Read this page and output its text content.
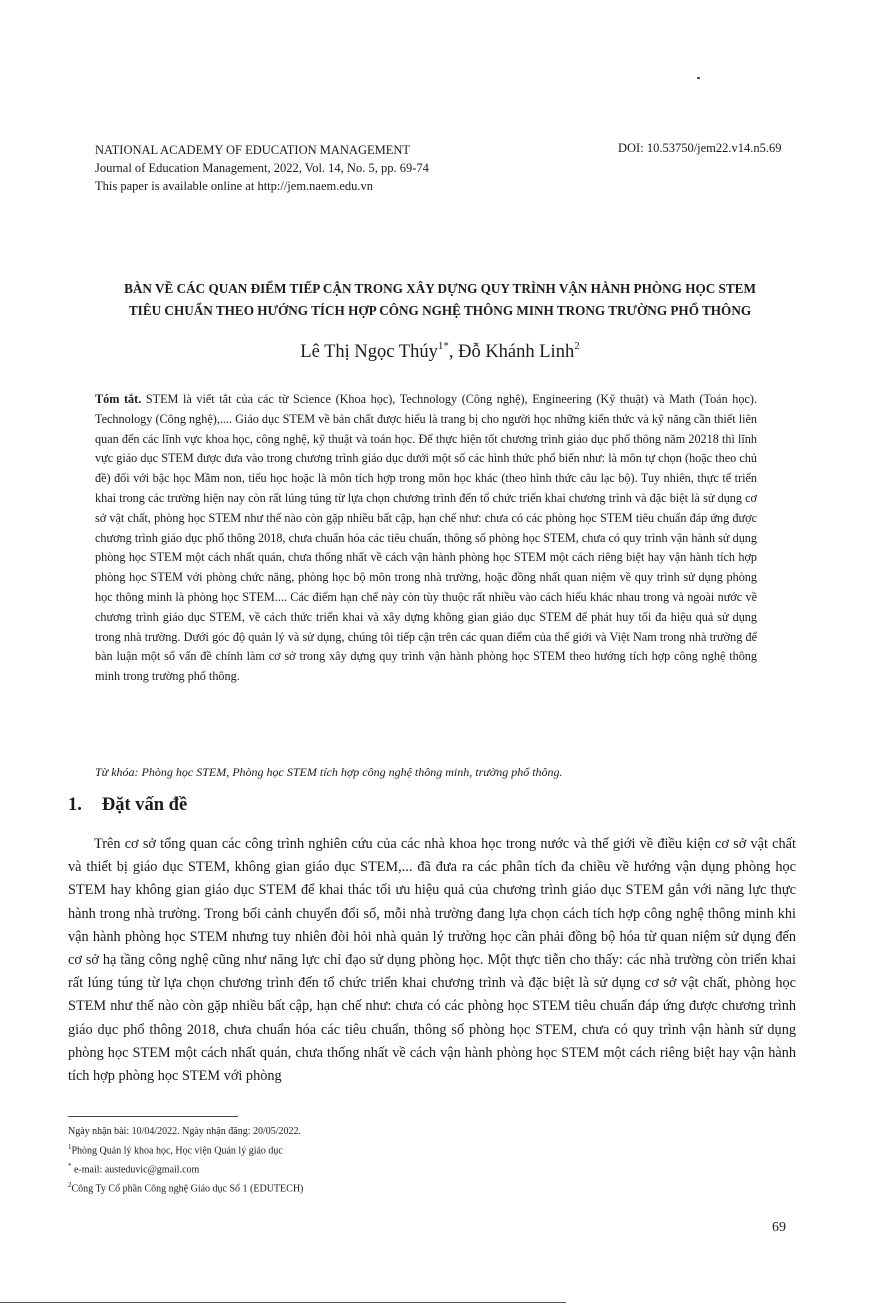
NATIONAL ACADEMY OF EDUCATION MANAGEMENT
Journal of Education Management, 2022, Vol. 14, No. 5, pp. 69-74
This paper is available online at http://jem.naem.edu.vn
DOI: 10.53750/jem22.v14.n5.69
BÀN VỀ CÁC QUAN ĐIỂM TIẾP CẬN TRONG XÂY DỰNG QUY TRÌNH VẬN HÀNH PHÒNG HỌC STEM
TIÊU CHUẨN THEO HƯỚNG TÍCH HỢP CÔNG NGHỆ THÔNG MINH TRONG TRƯỜNG PHỔ THÔNG
Lê Thị Ngọc Thúy$^{1*}$, Đỗ Khánh Linh$^2$
Tóm tắt. STEM là viết tắt của các từ Science (Khoa học), Technology (Công nghệ), Engineering (Kỹ thuật) và Math (Toán học). Technology (Công nghệ),.... Giáo dục STEM về bản chất được hiểu là trang bị cho người học những kiến thức và kỹ năng cần thiết liên quan đến các lĩnh vực khoa học, công nghệ, kỹ thuật và toán học. Để thực hiện tốt chương trình giáo dục phổ thông năm 20218 thì lĩnh vực giáo dục STEM được đưa vào trong chương trình giáo dục dưới một số các hình thức phổ biến như: là môn tự chọn (hoặc theo chủ đề) đối với bậc học Mầm non, tiểu học hoặc là môn tích hợp trong môn học khác (theo hình thức câu lạc bộ). Tuy nhiên, thực tế triển khai trong các trường hiện nay còn rất lúng túng từ lựa chọn chương trình đến tổ chức triển khai chương trình và đặc biệt là sử dụng cơ sở vật chất, phòng học STEM như thế nào còn gặp nhiều bất cập, hạn chế như: chưa có các phòng học STEM tiêu chuẩn đáp ứng được chương trình giáo dục phổ thông 2018, chưa chuẩn hóa các tiêu chuẩn, thông số phòng học STEM, chưa có quy trình vận hành sử dụng phòng học STEM một cách nhất quán, chưa thống nhất về cách vận hành phòng học STEM một cách riêng biệt hay vận hành tích hợp phòng học STEM với phòng chức năng, phòng học bộ môn trong nhà trường, hoặc đồng nhất quan niệm về quy trình sử dụng phòng học thông minh là phòng học STEM.... Các điểm hạn chế này còn tùy thuộc rất nhiều vào cách hiểu khác nhau trong và ngoài nước về chương trình giáo dục STEM, về cách thức triển khai và xây dựng không gian giáo dục STEM để phát huy tối đa hiệu quả sử dụng trong nhà trường. Dưới góc độ quản lý và sử dụng, chúng tôi tiếp cận trên các quan điểm của thế giới và Việt Nam trong nhà trường để bàn luận một số vấn đề chính làm cơ sở trong xây dựng quy trình vận hành phòng học STEM theo hướng tích hợp công nghệ thông minh trong trường phổ thông.
Từ khóa: Phòng học STEM, Phòng học STEM tích hợp công nghệ thông minh, trường phổ thông.
1. Đặt vấn đề
Trên cơ sở tổng quan các công trình nghiên cứu của các nhà khoa học trong nước và thế giới về điều kiện cơ sở vật chất và thiết bị giáo dục STEM, không gian giáo dục STEM,... đã đưa ra các phân tích đa chiều về hướng vận dụng phòng học STEM hay không gian giáo dục STEM để khai thác tối ưu hiệu quả của chương trình giáo dục STEM gắn với năng lực thực hành trong nhà trường. Trong bối cảnh chuyển đổi số, mỗi nhà trường đang lựa chọn cách tích hợp công nghệ thông minh khi vận hành phòng học STEM nhưng tuy nhiên đòi hỏi nhà quản lý trường học cần phải đồng bộ hóa từ quan niệm sử dụng đến cơ sở hạ tầng công nghệ cũng như năng lực chỉ đạo sử dụng phòng học. Một thực tiễn cho thấy: các nhà trường còn triển khai rất lúng túng từ lựa chọn chương trình đến tổ chức triển khai chương trình và đặc biệt là sử dụng cơ sở vật chất, phòng học STEM như thế nào còn gặp nhiều bất cập, hạn chế như: chưa có các phòng học STEM tiêu chuẩn đáp ứng được chương trình giáo dục phổ thông 2018, chưa chuẩn hóa các tiêu chuẩn, thông số phòng học STEM, chưa có quy trình vận hành sử dụng phòng học STEM một cách nhất quán, chưa thống nhất về cách vận hành phòng học STEM một cách riêng biệt hay vận hành tích hợp phòng học STEM với phòng
Ngày nhận bài: 10/04/2022. Ngày nhận đăng: 20/05/2022.
$^1$Phòng Quản lý khoa học, Học viện Quản lý giáo dục
* e-mail: austeduvic@gmail.com
$^2$Công Ty Cổ phần Công nghệ Giáo dục Số 1 (EDUTECH)
69
